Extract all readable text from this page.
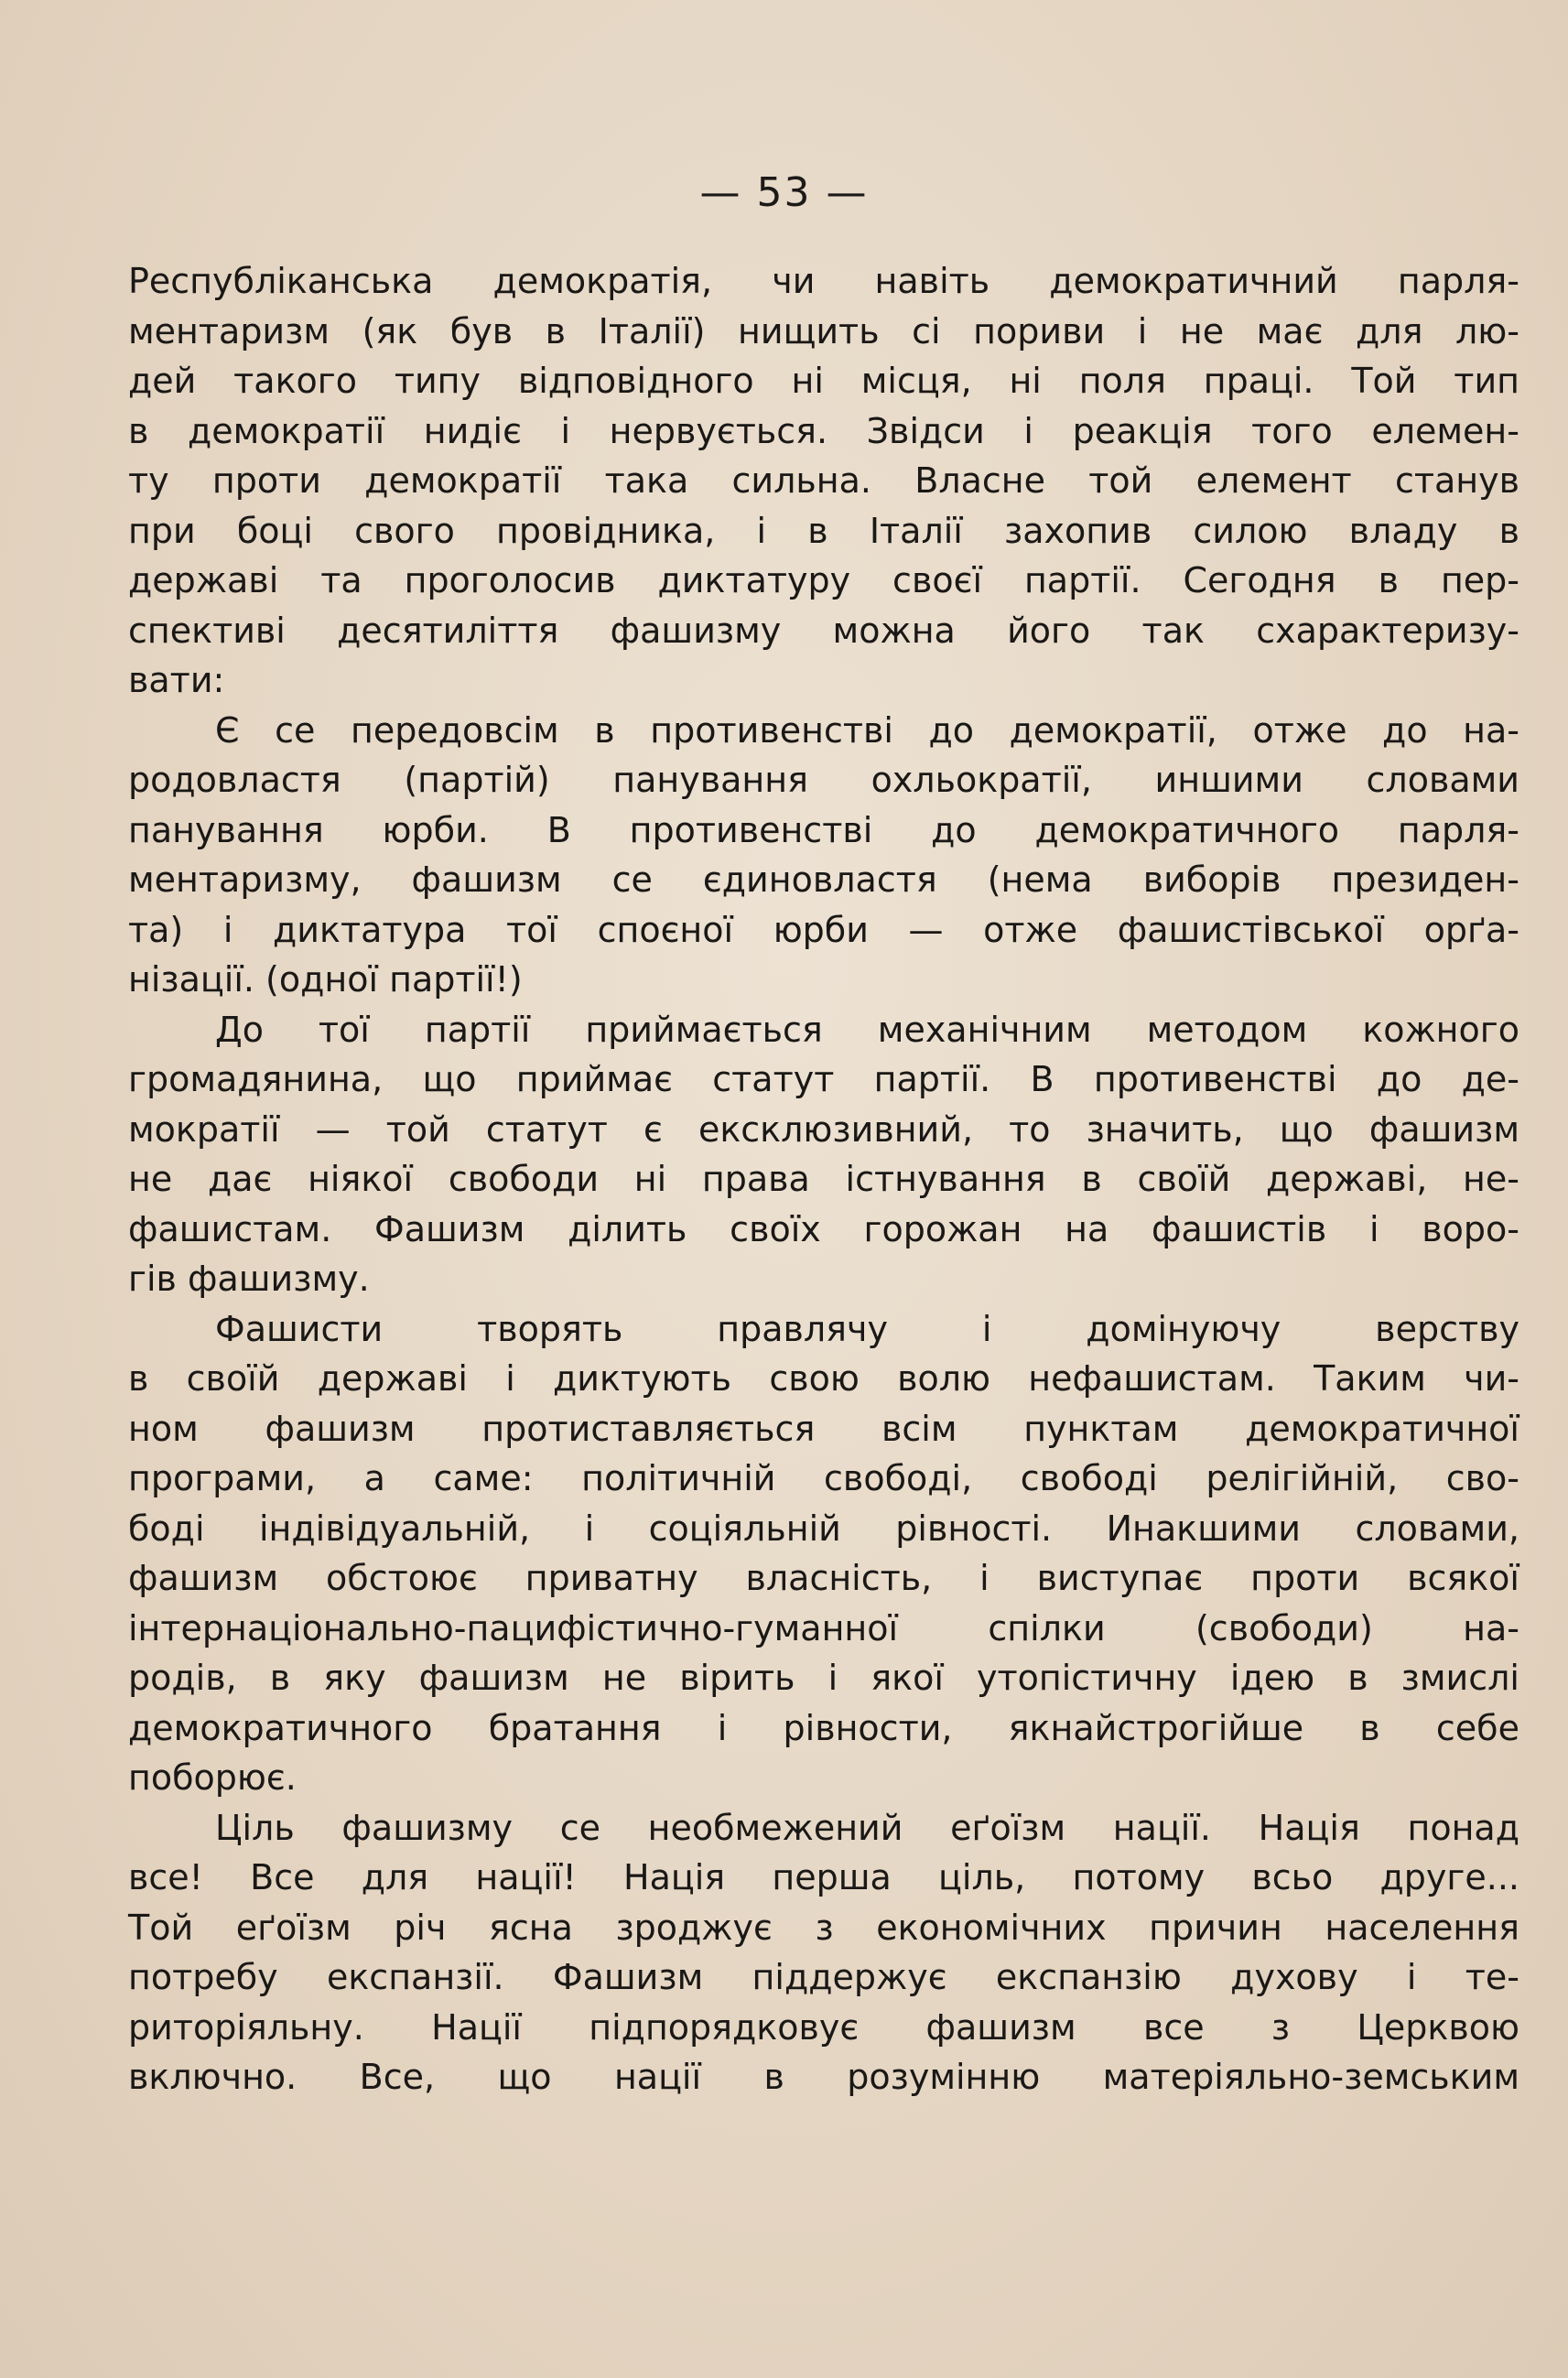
— 53 —
Республіканська демократія, чи навіть демократичний парля-
ментаризм (як був в Італії) нищить сі пориви і не має для лю-
дей такого типу відповідного ні місця, ні поля праці. Той тип
в демократії нидіє і нервується. Звідси і реакція того елемен-
ту проти демократії така сильна. Власне той елемент станув
при боці свого провідника, і в Італії захопив силою владу в
державі та проголосив диктатуру своєї партії. Сегодня в пер-
спективі десятиліття фашизму можна його так схарактеризу-
вати:
Є се передовсім в противенстві до демократії, отже до на-
родовластя (партій) панування охльократії, иншими словами
панування юрби. В противенстві до демократичного парля-
ментаризму, фашизм се єдиновластя (нема виборів президен-
та) і диктатура тої споєної юрби — отже фашистівської орґа-
нізації. (одної партії!)
До тої партії приймається механічним методом кожного
громадянина, що приймає статут партії. В противенстві до де-
мократії — той статут є ексклюзивний, то значить, що фашизм
не дає ніякої свободи ні права істнування в своїй державі, не-
фашистам. Фашизм ділить своїх горожан на фашистів і воро-
гів фашизму.
Фашисти творять правлячу і домінуючу верству
в своїй державі і диктують свою волю нефашистам. Таким чи-
ном фашизм протиставляється всім пунктам демократичної
програми, а саме: політичній свободі, свободі релігійній, сво-
боді індівідуальній, і соціяльній рівності. Инакшими словами,
фашизм обстоює приватну власність, і виступає проти всякої
інтернаціонально-пацифістично-гуманної спілки (свободи) на-
родів, в яку фашизм не вірить і якої утопістичну ідею в змислі
демократичного братання і рівности, якнайстрогійше в себе
поборює.
Ціль фашизму се необмежений еґоїзм нації. Нація понад
все! Все для нації! Нація перша ціль, потому всьо друге...
Той еґоїзм річ ясна зроджує з економічних причин населення
потребу експанзії. Фашизм піддержує експанзію духову і те-
риторіяльну. Нації підпорядковує фашизм все з Церквою
включно. Все, що нації в розумінню матеріяльно-земським
